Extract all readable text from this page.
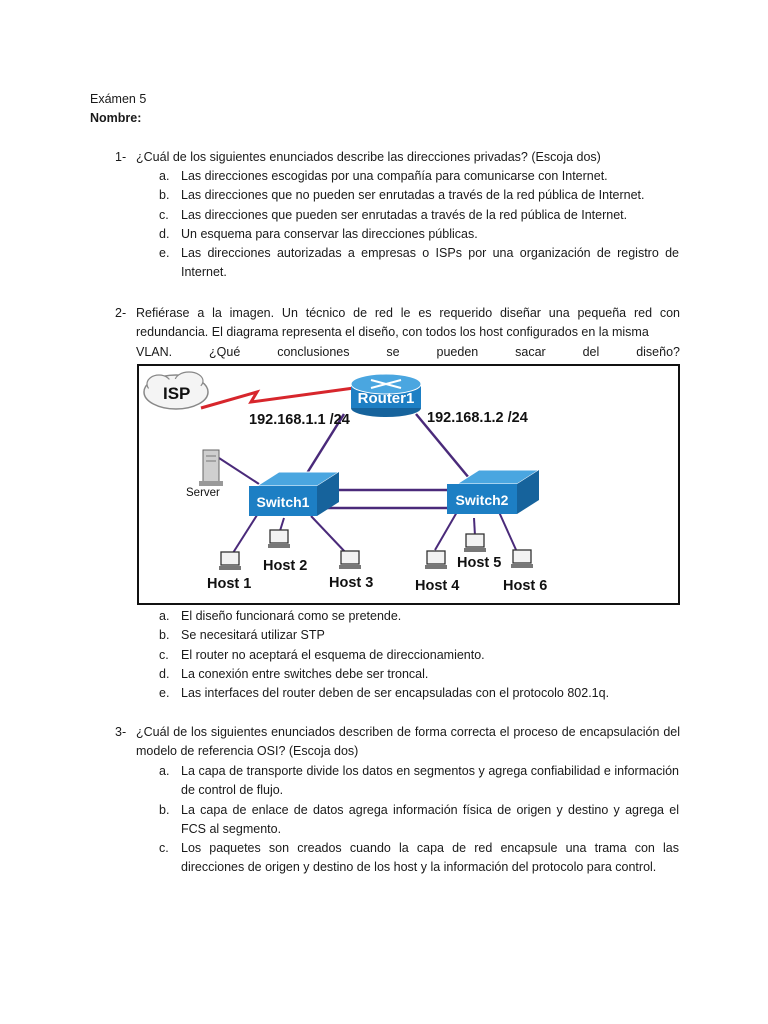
Exámen 5
Nombre:
1- ¿Cuál de los siguientes enunciados describe las direcciones privadas? (Escoja dos)
a. Las direcciones escogidas por una compañía para comunicarse con Internet.
b. Las direcciones que no pueden ser enrutadas a través de la red pública de Internet.
c. Las direcciones que pueden ser enrutadas a través de la red pública de Internet.
d. Un esquema para conservar las direcciones públicas.
e. Las direcciones autorizadas a empresas o ISPs por una organización de registro de Internet.
2- Refiérase a la imagen. Un técnico de red le es requerido diseñar una pequeña red con redundancia. El diagrama representa el diseño, con todos los host configurados en la misma
VLAN. ¿Qué conclusiones se pueden sacar del diseño?
ISP	Router1
192.168.1.1 /24	192.168.1.2 /24
Server
Switch1	Switch2
Host 1
Host 2
Host 3	Host 4
Host 5
Host 6
a. El diseño funcionará como se pretende.
b. Se necesitará utilizar STP
c. El router no aceptará el esquema de direccionamiento.
d. La conexión entre switches debe ser troncal.
e. Las interfaces del router deben de ser encapsuladas con el protocolo 802.1q.
3- ¿Cuál de los siguientes enunciados describen de forma correcta el proceso de encapsulación del modelo de referencia OSI? (Escoja dos)
a. La capa de transporte divide los datos en segmentos y agrega confiabilidad e información de control de flujo.
b. La capa de enlace de datos agrega información física de origen y destino y agrega el FCS al segmento.
c. Los paquetes son creados cuando la capa de red encapsule una trama con las direcciones de origen y destino de los host y la información del protocolo para control.
